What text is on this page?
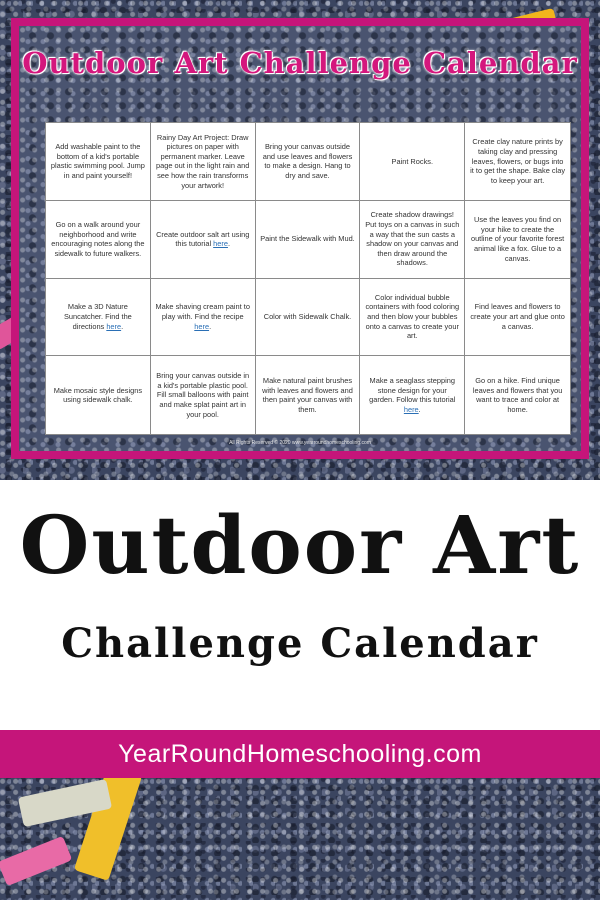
Outdoor Art Challenge Calendar
Add washable paint to the bottom of a kid's portable plastic swimming pool. Jump in and paint yourself!
Rainy Day Art Project: Draw pictures on paper with permanent marker. Leave page out in the light rain and see how the rain transforms your artwork!
Bring your canvas outside and use leaves and flowers to make a design. Hang to dry and save.
Paint Rocks.
Create clay nature prints by taking clay and pressing leaves, flowers, or bugs into it to get the shape. Bake clay to keep your art.
Go on a walk around your neighborhood and write encouraging notes along the sidewalk to future walkers.
Create outdoor salt art using this tutorial here.
Paint the Sidewalk with Mud.
Create shadow drawings! Put toys on a canvas in such a way that the sun casts a shadow on your canvas and then draw around the shadows.
Use the leaves you find on your hike to create the outline of your favorite forest animal like a fox. Glue to a canvas.
Make a 3D Nature Suncatcher. Find the directions here.
Make shaving cream paint to play with. Find the recipe here.
Color with Sidewalk Chalk.
Color individual bubble containers with food coloring and then blow your bubbles onto a canvas to create your art.
Find leaves and flowers to create your art and glue onto a canvas.
Make mosaic style designs using sidewalk chalk.
Bring your canvas outside in a kid's portable plastic pool. Fill small balloons with paint and make splat paint art in your pool.
Make natural paint brushes with leaves and flowers and then paint your canvas with them.
Make a seaglass stepping stone design for your garden. Follow this tutorial here.
Go on a hike. Find unique leaves and flowers that you want to trace and color at home.
All Rights Reserved © 2020 www.yearroundhomeschooling.com
Outdoor Art
Challenge Calendar
YearRoundHomeschooling.com
